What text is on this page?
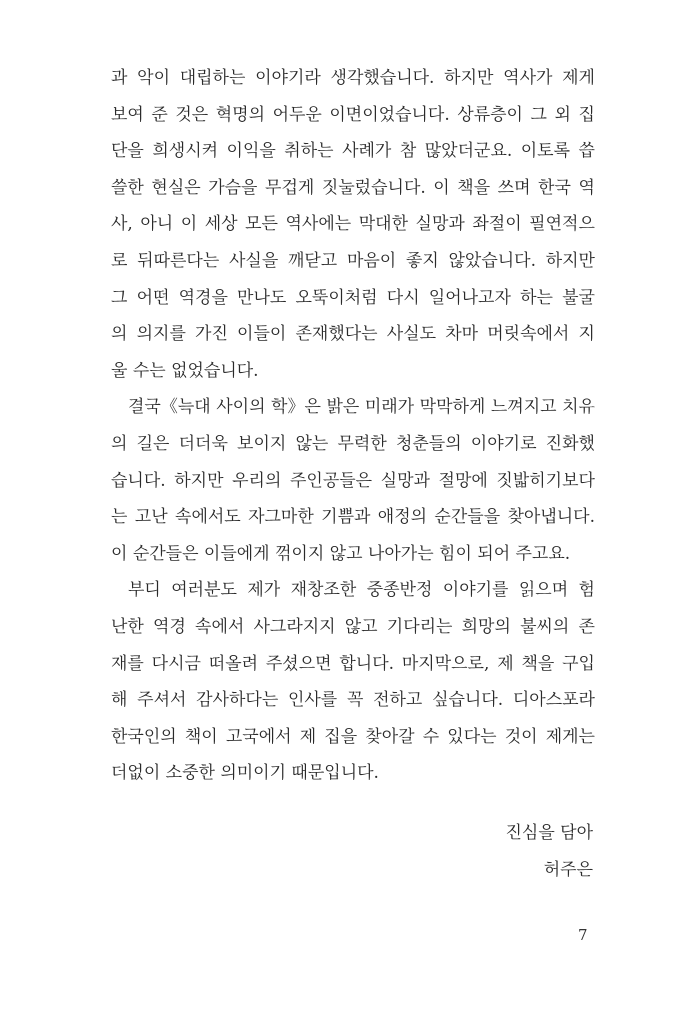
과 악이 대립하는 이야기라 생각했습니다. 하지만 역사가 제게
보여 준 것은 혁명의 어두운 이면이었습니다. 상류층이 그 외 집
단을 희생시켜 이익을 취하는 사례가 참 많았더군요. 이토록 씁
쓸한 현실은 가슴을 무겁게 짓눌렀습니다. 이 책을 쓰며 한국 역
사, 아니 이 세상 모든 역사에는 막대한 실망과 좌절이 필연적으
로 뒤따른다는 사실을 깨닫고 마음이 좋지 않았습니다. 하지만
그 어떤 역경을 만나도 오뚝이처럼 다시 일어나고자 하는 불굴
의 의지를 가진 이들이 존재했다는 사실도 차마 머릿속에서 지
울 수는 없었습니다.
결국《늑대 사이의 학》은 밝은 미래가 막막하게 느껴지고 치유
의 길은 더더욱 보이지 않는 무력한 청춘들의 이야기로 진화했
습니다. 하지만 우리의 주인공들은 실망과 절망에 짓밟히기보다
는 고난 속에서도 자그마한 기쁨과 애정의 순간들을 찾아냅니다.
이 순간들은 이들에게 꺾이지 않고 나아가는 힘이 되어 주고요.
부디 여러분도 제가 재창조한 중종반정 이야기를 읽으며 험
난한 역경 속에서 사그라지지 않고 기다리는 희망의 불씨의 존
재를 다시금 떠올려 주셨으면 합니다. 마지막으로, 제 책을 구입
해 주셔서 감사하다는 인사를 꼭 전하고 싶습니다. 디아스포라
한국인의 책이 고국에서 제 집을 찾아갈 수 있다는 것이 제게는
더없이 소중한 의미이기 때문입니다.
진심을 담아
허주은
7
